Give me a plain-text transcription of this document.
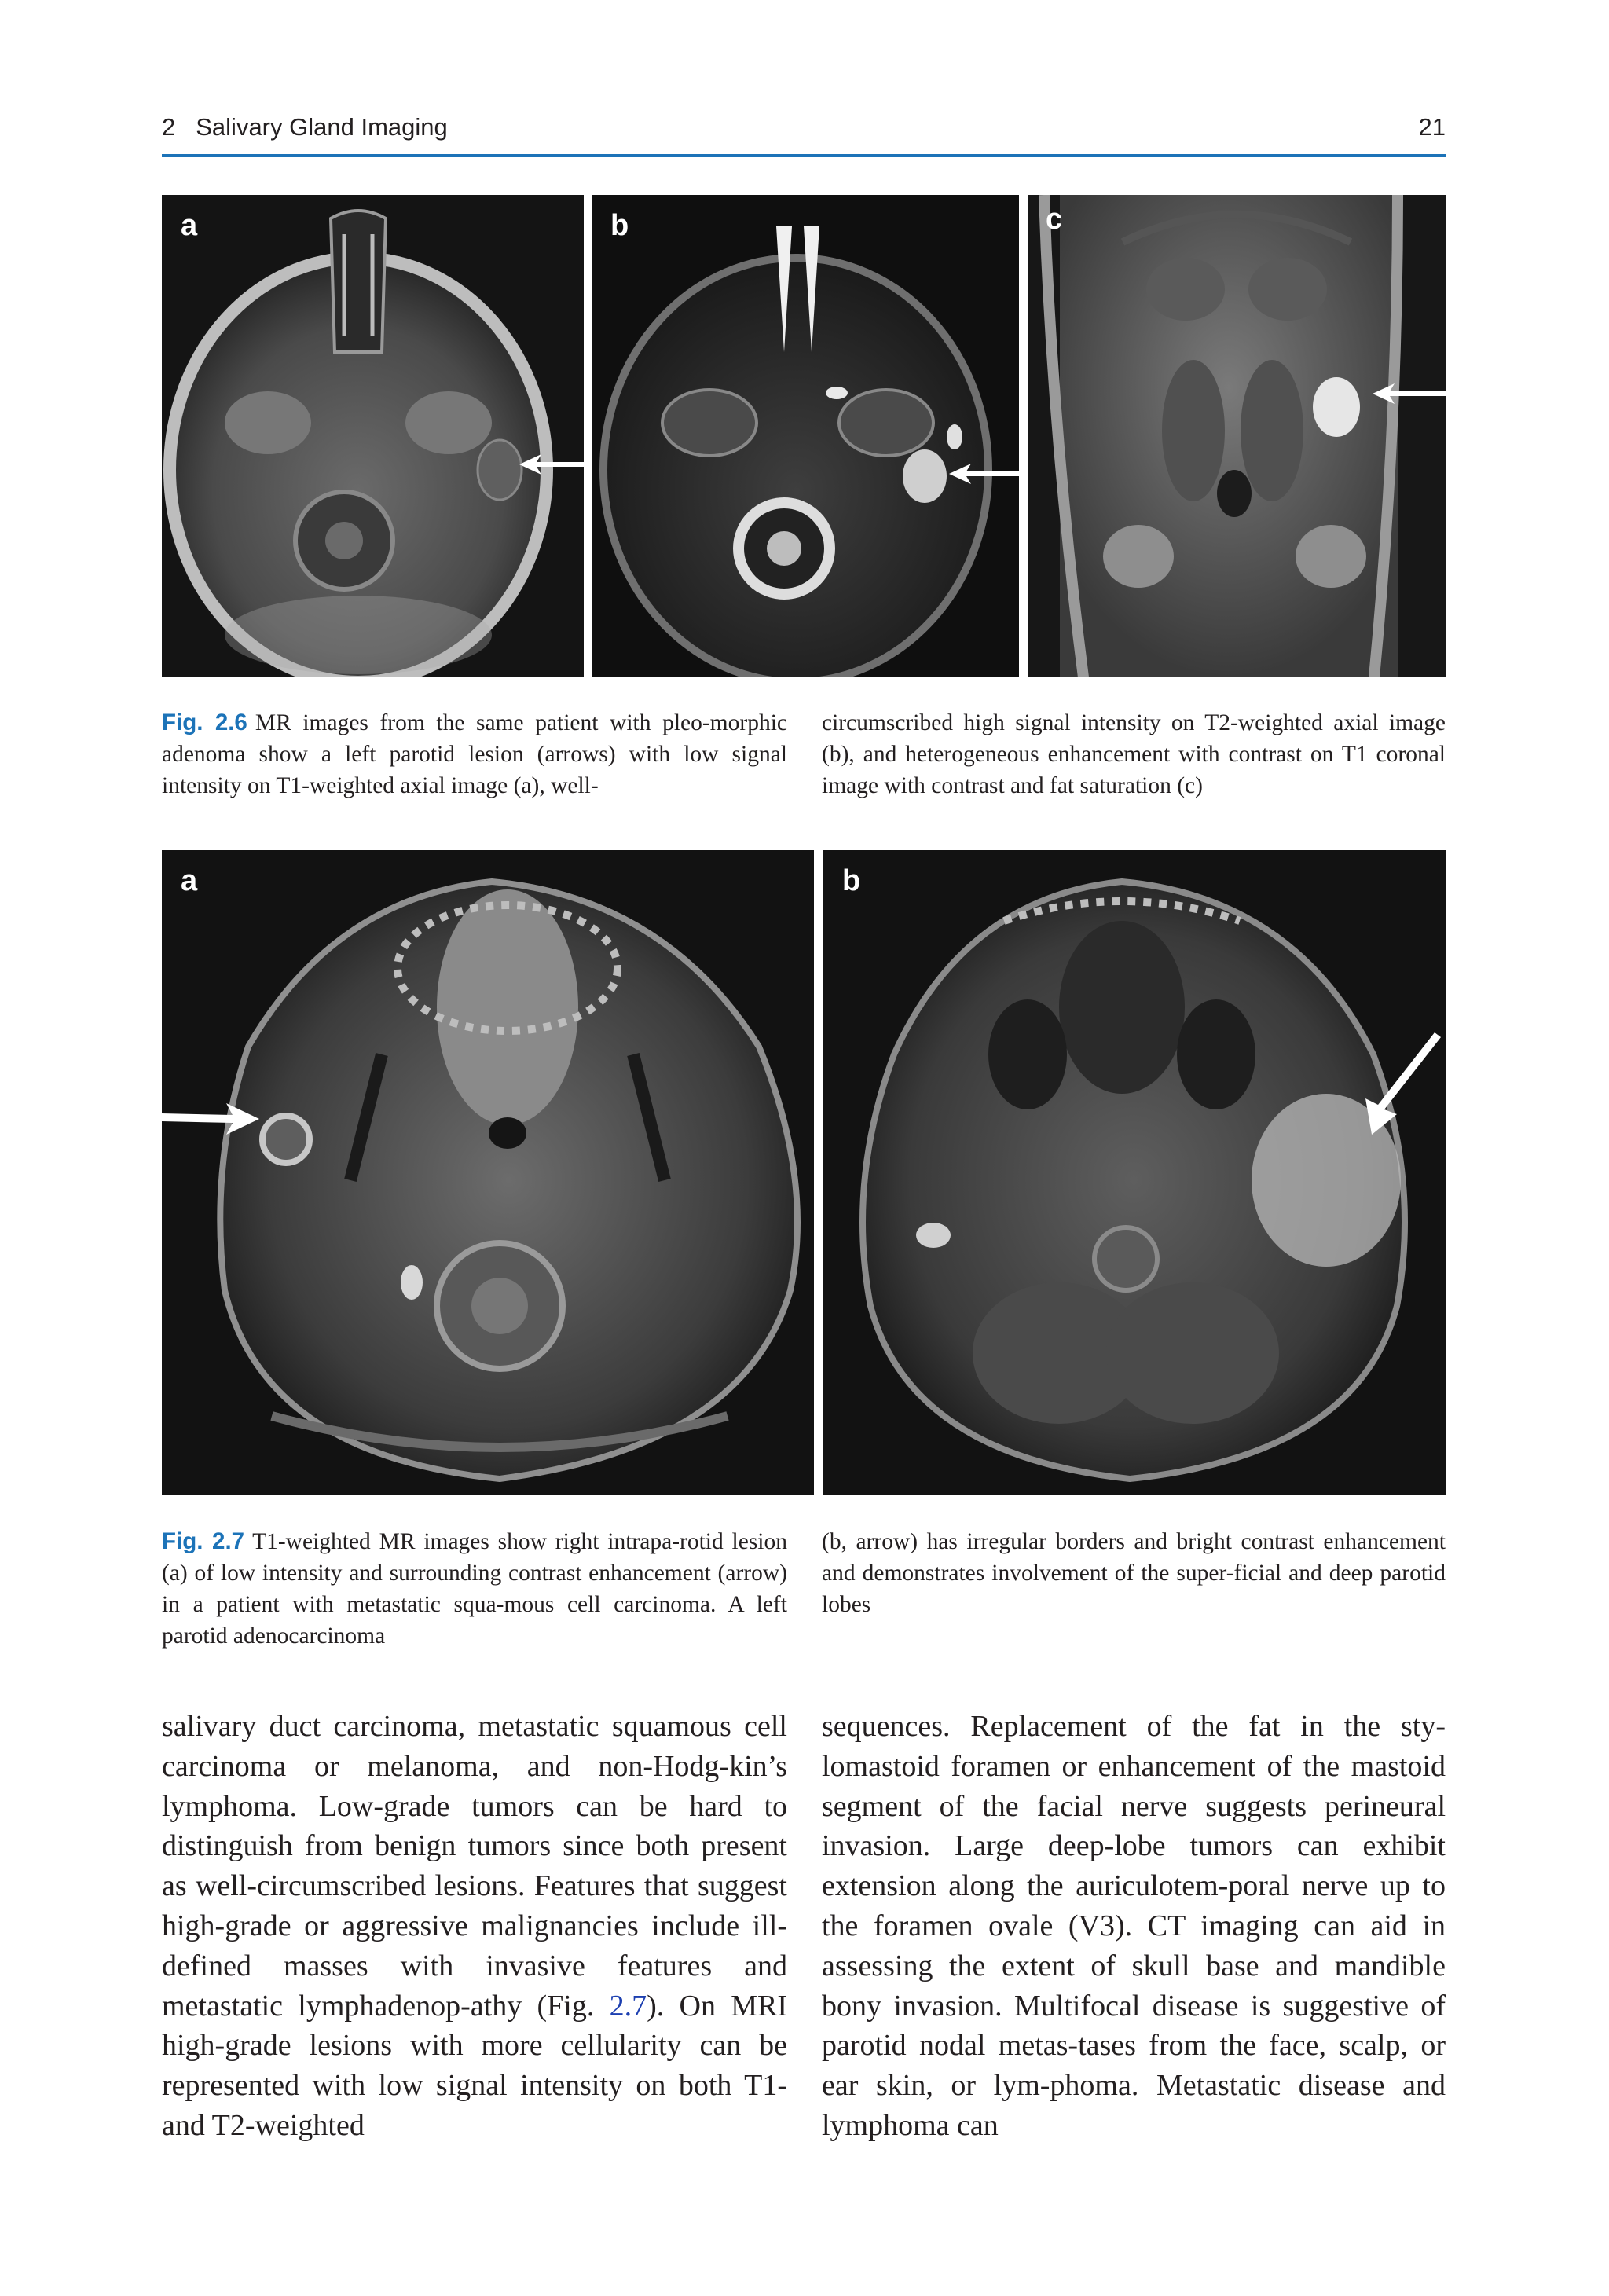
2 Salivary Gland Imaging	21
a	b	c
Fig. 2.6 MR images from the same patient with pleo-morphic adenoma show a left parotid lesion (arrows) with low signal intensity on T1-weighted axial image (a), well-
circumscribed high signal intensity on T2-weighted axial image (b), and heterogeneous enhancement with contrast on T1 coronal image with contrast and fat saturation (c)
a	b
Fig. 2.7 T1-weighted MR images show right intrapa-rotid lesion (a) of low intensity and surrounding contrast enhancement (arrow) in a patient with metastatic squa-mous cell carcinoma. A left parotid adenocarcinoma
(b, arrow) has irregular borders and bright contrast enhancement and demonstrates involvement of the super-ficial and deep parotid lobes
salivary duct carcinoma, metastatic squamous cell carcinoma or melanoma, and non-Hodg-kin’s lymphoma. Low-grade tumors can be hard to distinguish from benign tumors since both present as well-circumscribed lesions. Features that suggest high-grade or aggressive malignancies include ill-defined masses with invasive features and metastatic lymphadenop-athy (Fig. 2.7). On MRI high-grade lesions with more cellularity can be represented with low signal intensity on both T1- and T2-weighted
sequences. Replacement of the fat in the sty-lomastoid foramen or enhancement of the mastoid segment of the facial nerve suggests perineural invasion. Large deep-lobe tumors can exhibit extension along the auriculotem-poral nerve up to the foramen ovale (V3). CT imaging can aid in assessing the extent of skull base and mandible bony invasion. Multifocal disease is suggestive of parotid nodal metas-tases from the face, scalp, or ear skin, or lym-phoma. Metastatic disease and lymphoma can
